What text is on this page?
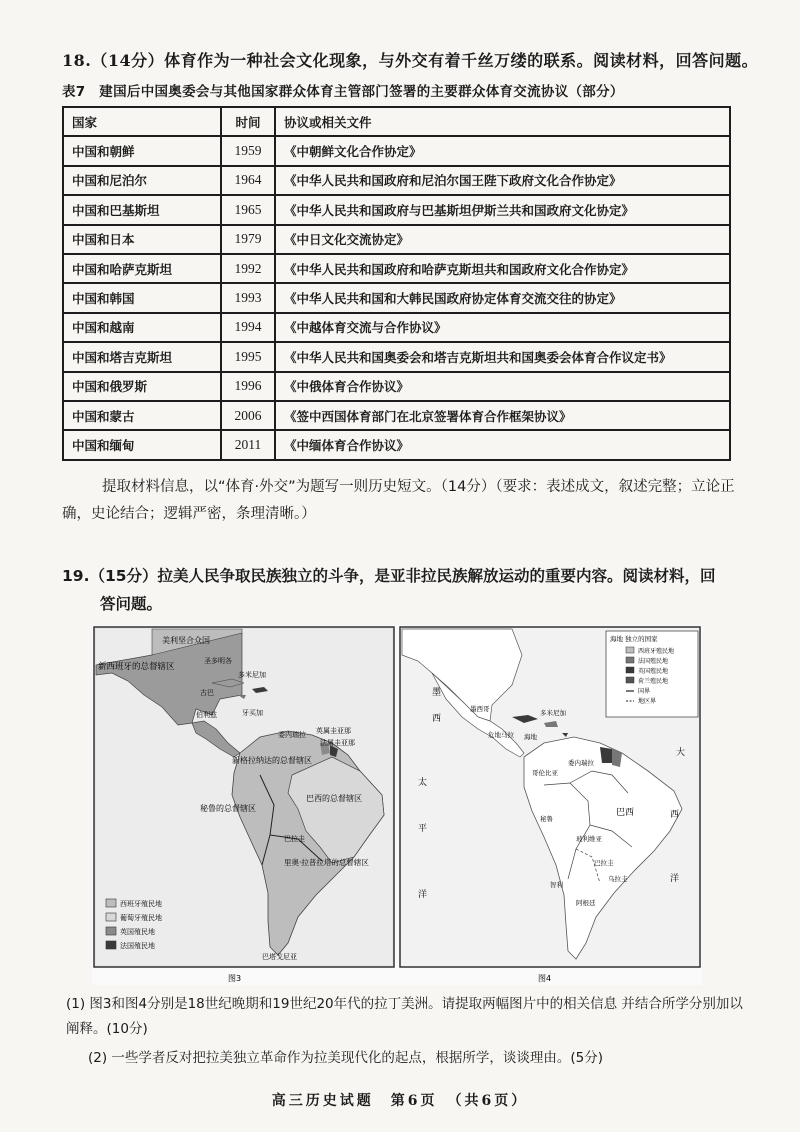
18.（14分）体育作为一种社会文化现象，与外交有着千丝万缕的联系。阅读材料，回答问题。
表7　建国后中国奥委会与其他国家群众体育主管部门签署的主要群众体育交流协议（部分）
国家	时间	协议或相关文件
中国和朝鲜	1959	《中朝鲜文化合作协定》
中国和尼泊尔	1964	《中华人民共和国政府和尼泊尔国王陛下政府文化合作协定》
中国和巴基斯坦	1965	《中华人民共和国政府与巴基斯坦伊斯兰共和国政府文化协定》
中国和日本	1979	《中日文化交流协定》
中国和哈萨克斯坦	1992	《中华人民共和国政府和哈萨克斯坦共和国政府文化合作协定》
中国和韩国	1993	《中华人民共和国和大韩民国政府协定体育交流交往的协定》
中国和越南	1994	《中越体育交流与合作协议》
中国和塔吉克斯坦	1995	《中华人民共和国奥委会和塔吉克斯坦共和国奥委会体育合作议定书》
中国和俄罗斯	1996	《中俄体育合作协议》
中国和蒙古	2006	《签中西国体育部门在北京签署体育合作框架协议》
中国和缅甸	2011	《中缅体育合作协议》
提取材料信息，以“体育·外交”为题写一则历史短文。（14分）（要求：表述成文，叙述完整；立论正确，史论结合；逻辑严密，条理清晰。）
19.（15分）拉美人民争取民族独立的斗争，是亚非拉民族解放运动的重要内容。阅读材料，回
答问题。
美利坚合众国
新西班牙的总督辖区
圣多明各
古巴
牙买加
多米尼加
伯利兹
委内瑞拉 英属圭亚那
法属圭亚那
新格拉纳达的总督辖区
巴西的总督辖区
秘鲁的总督辖区
巴拉圭
里奥·拉普拉塔的总督辖区
巴塔戈尼亚
西班牙殖民地
葡萄牙殖民地
英国殖民地
法国殖民地
图3
墨
西
太
平
洋
大
西
洋
巴西
海地
多米尼加
墨西哥
危地马拉
哥伦比亚
委内瑞拉
秘鲁
玻利维亚
智利
阿根廷
乌拉圭
巴拉圭
海地 独立的国家
西班牙殖民地
法国殖民地
英国殖民地
荷兰殖民地
国界
地区界
图4
(1) 图3和图4分别是18世纪晚期和19世纪20年代的拉丁美洲。请提取两幅图片中的相关信息 并结合所学分别加以阐释。(10分)
(2) 一些学者反对把拉美独立革命作为拉美现代化的起点，根据所学，谈谈理由。(5分)
高三历史试题　第6页　（共6页）
